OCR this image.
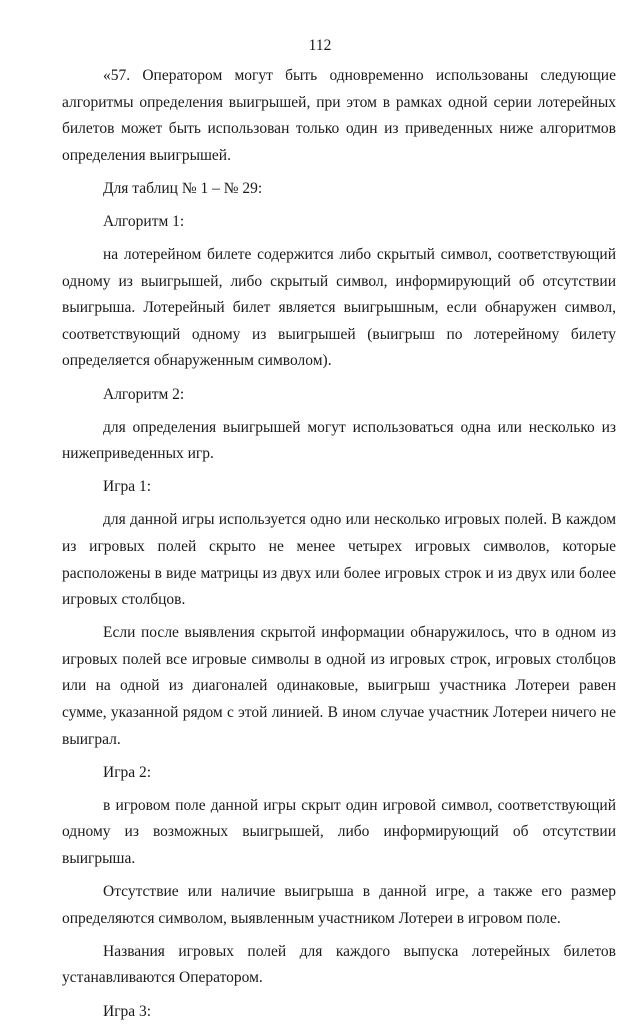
112

«57. Оператором могут быть одновременно использованы следующие алгоритмы определения выигрышей, при этом в рамках одной серии лотерейных билетов может быть использован только один из приведенных ниже алгоритмов определения выигрышей.

Для таблиц № 1 – № 29:

Алгоритм 1:

на лотерейном билете содержится либо скрытый символ, соответствующий одному из выигрышей, либо скрытый символ, информирующий об отсутствии выигрыша. Лотерейный билет является выигрышным, если обнаружен символ, соответствующий одному из выигрышей (выигрыш по лотерейному билету определяется обнаруженным символом).

Алгоритм 2:

для определения выигрышей могут использоваться одна или несколько из нижеприведенных игр.

Игра 1:

для данной игры используется одно или несколько игровых полей. В каждом из игровых полей скрыто не менее четырех игровых символов, которые расположены в виде матрицы из двух или более игровых строк и из двух или более игровых столбцов.

Если после выявления скрытой информации обнаружилось, что в одном из игровых полей все игровые символы в одной из игровых строк, игровых столбцов или на одной из диагоналей одинаковые, выигрыш участника Лотереи равен сумме, указанной рядом с этой линией. В ином случае участник Лотереи ничего не выиграл.

Игра 2:

в игровом поле данной игры скрыт один игровой символ, соответствующий одному из возможных выигрышей, либо информирующий об отсутствии выигрыша.

Отсутствие или наличие выигрыша в данной игре, а также его размер определяются символом, выявленным участником Лотереи в игровом поле.

Названия игровых полей для каждого выпуска лотерейных билетов устанавливаются Оператором.

Игра 3:
